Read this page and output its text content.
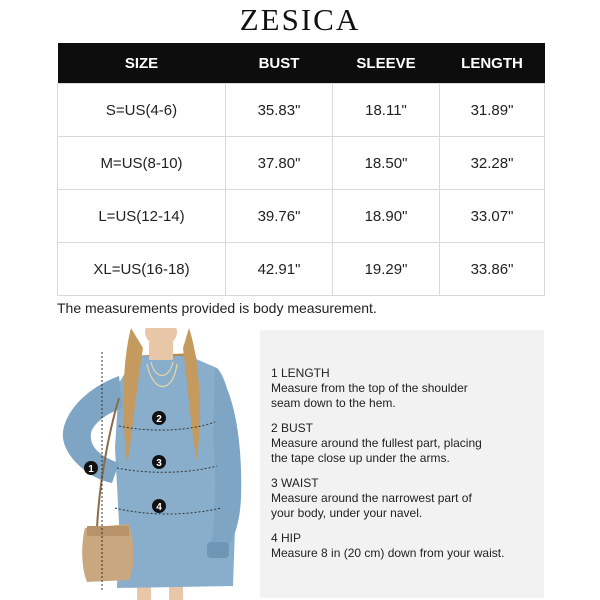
ZESICA
SIZE	BUST	SLEEVE	LENGTH
S=US(4-6)	35.83"	18.11"	31.89"
M=US(8-10)	37.80"	18.50"	32.28"
L=US(12-14)	39.76"	18.90"	33.07"
XL=US(16-18)	42.91"	19.29"	33.86"
The measurements provided is body measurement.
1
2
3
4
1 LENGTH
Measure from the top of the shoulder
seam down to the hem.
2 BUST
Measure around the fullest part, placing
the tape close up under the arms.
3 WAIST
Measure around the narrowest part of
your body, under your navel.
4 HIP
Measure 8 in (20 cm) down from your waist.
